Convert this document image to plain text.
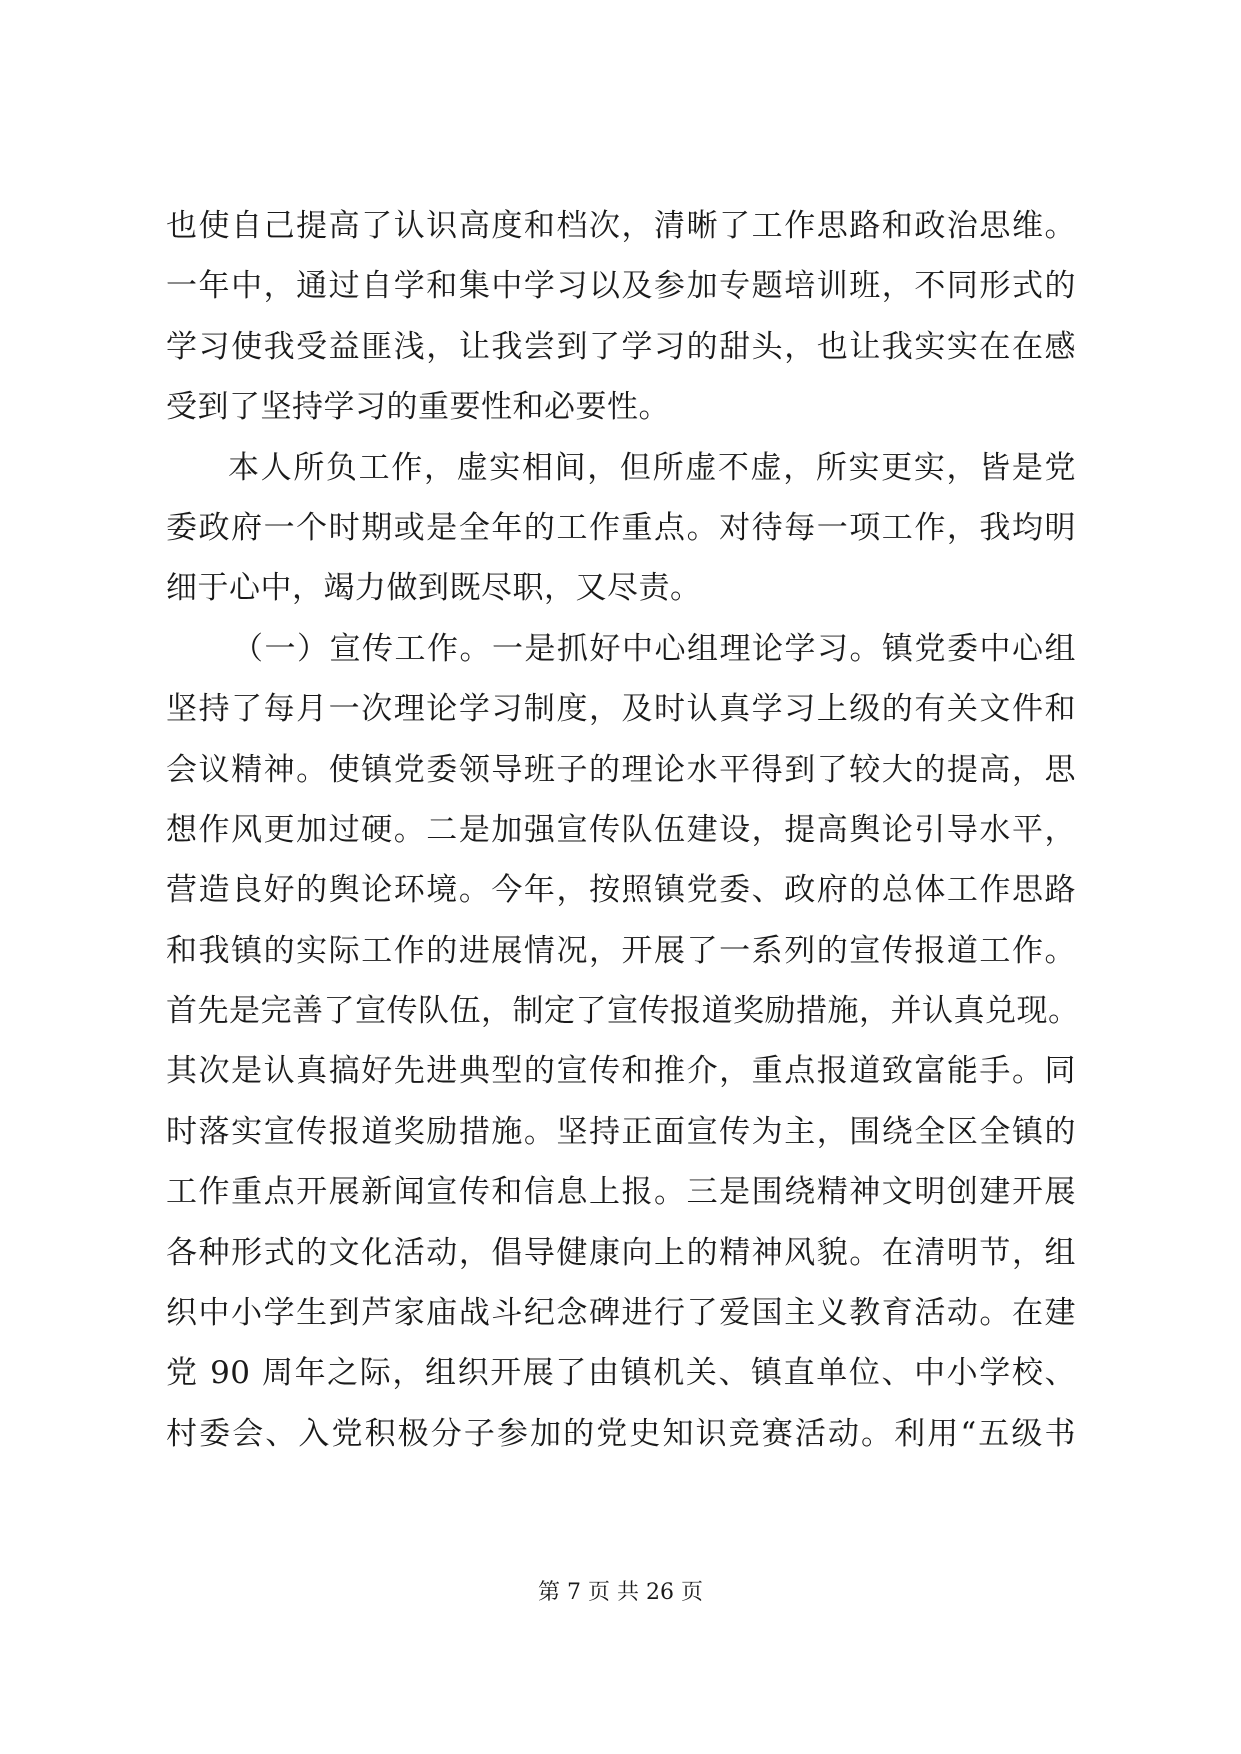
也使自己提高了认识高度和档次，清晰了工作思路和政治思维。
一年中，通过自学和集中学习以及参加专题培训班，不同形式的
学习使我受益匪浅，让我尝到了学习的甜头，也让我实实在在感
受到了坚持学习的重要性和必要性。
本人所负工作，虚实相间，但所虚不虚，所实更实，皆是党
委政府一个时期或是全年的工作重点。对待每一项工作，我均明
细于心中，竭力做到既尽职，又尽责。
（一）宣传工作。一是抓好中心组理论学习。镇党委中心组
坚持了每月一次理论学习制度，及时认真学习上级的有关文件和
会议精神。使镇党委领导班子的理论水平得到了较大的提高，思
想作风更加过硬。二是加强宣传队伍建设，提高舆论引导水平，
营造良好的舆论环境。今年，按照镇党委、政府的总体工作思路
和我镇的实际工作的进展情况，开展了一系列的宣传报道工作。
首先是完善了宣传队伍，制定了宣传报道奖励措施，并认真兑现。
其次是认真搞好先进典型的宣传和推介，重点报道致富能手。同
时落实宣传报道奖励措施。坚持正面宣传为主，围绕全区全镇的
工作重点开展新闻宣传和信息上报。三是围绕精神文明创建开展
各种形式的文化活动，倡导健康向上的精神风貌。在清明节，组
织中小学生到芦家庙战斗纪念碑进行了爱国主义教育活动。在建
党 90 周年之际，组织开展了由镇机关、镇直单位、中小学校、
村委会、入党积极分子参加的党史知识竞赛活动。利用“五级书
第 7 页 共 26 页
